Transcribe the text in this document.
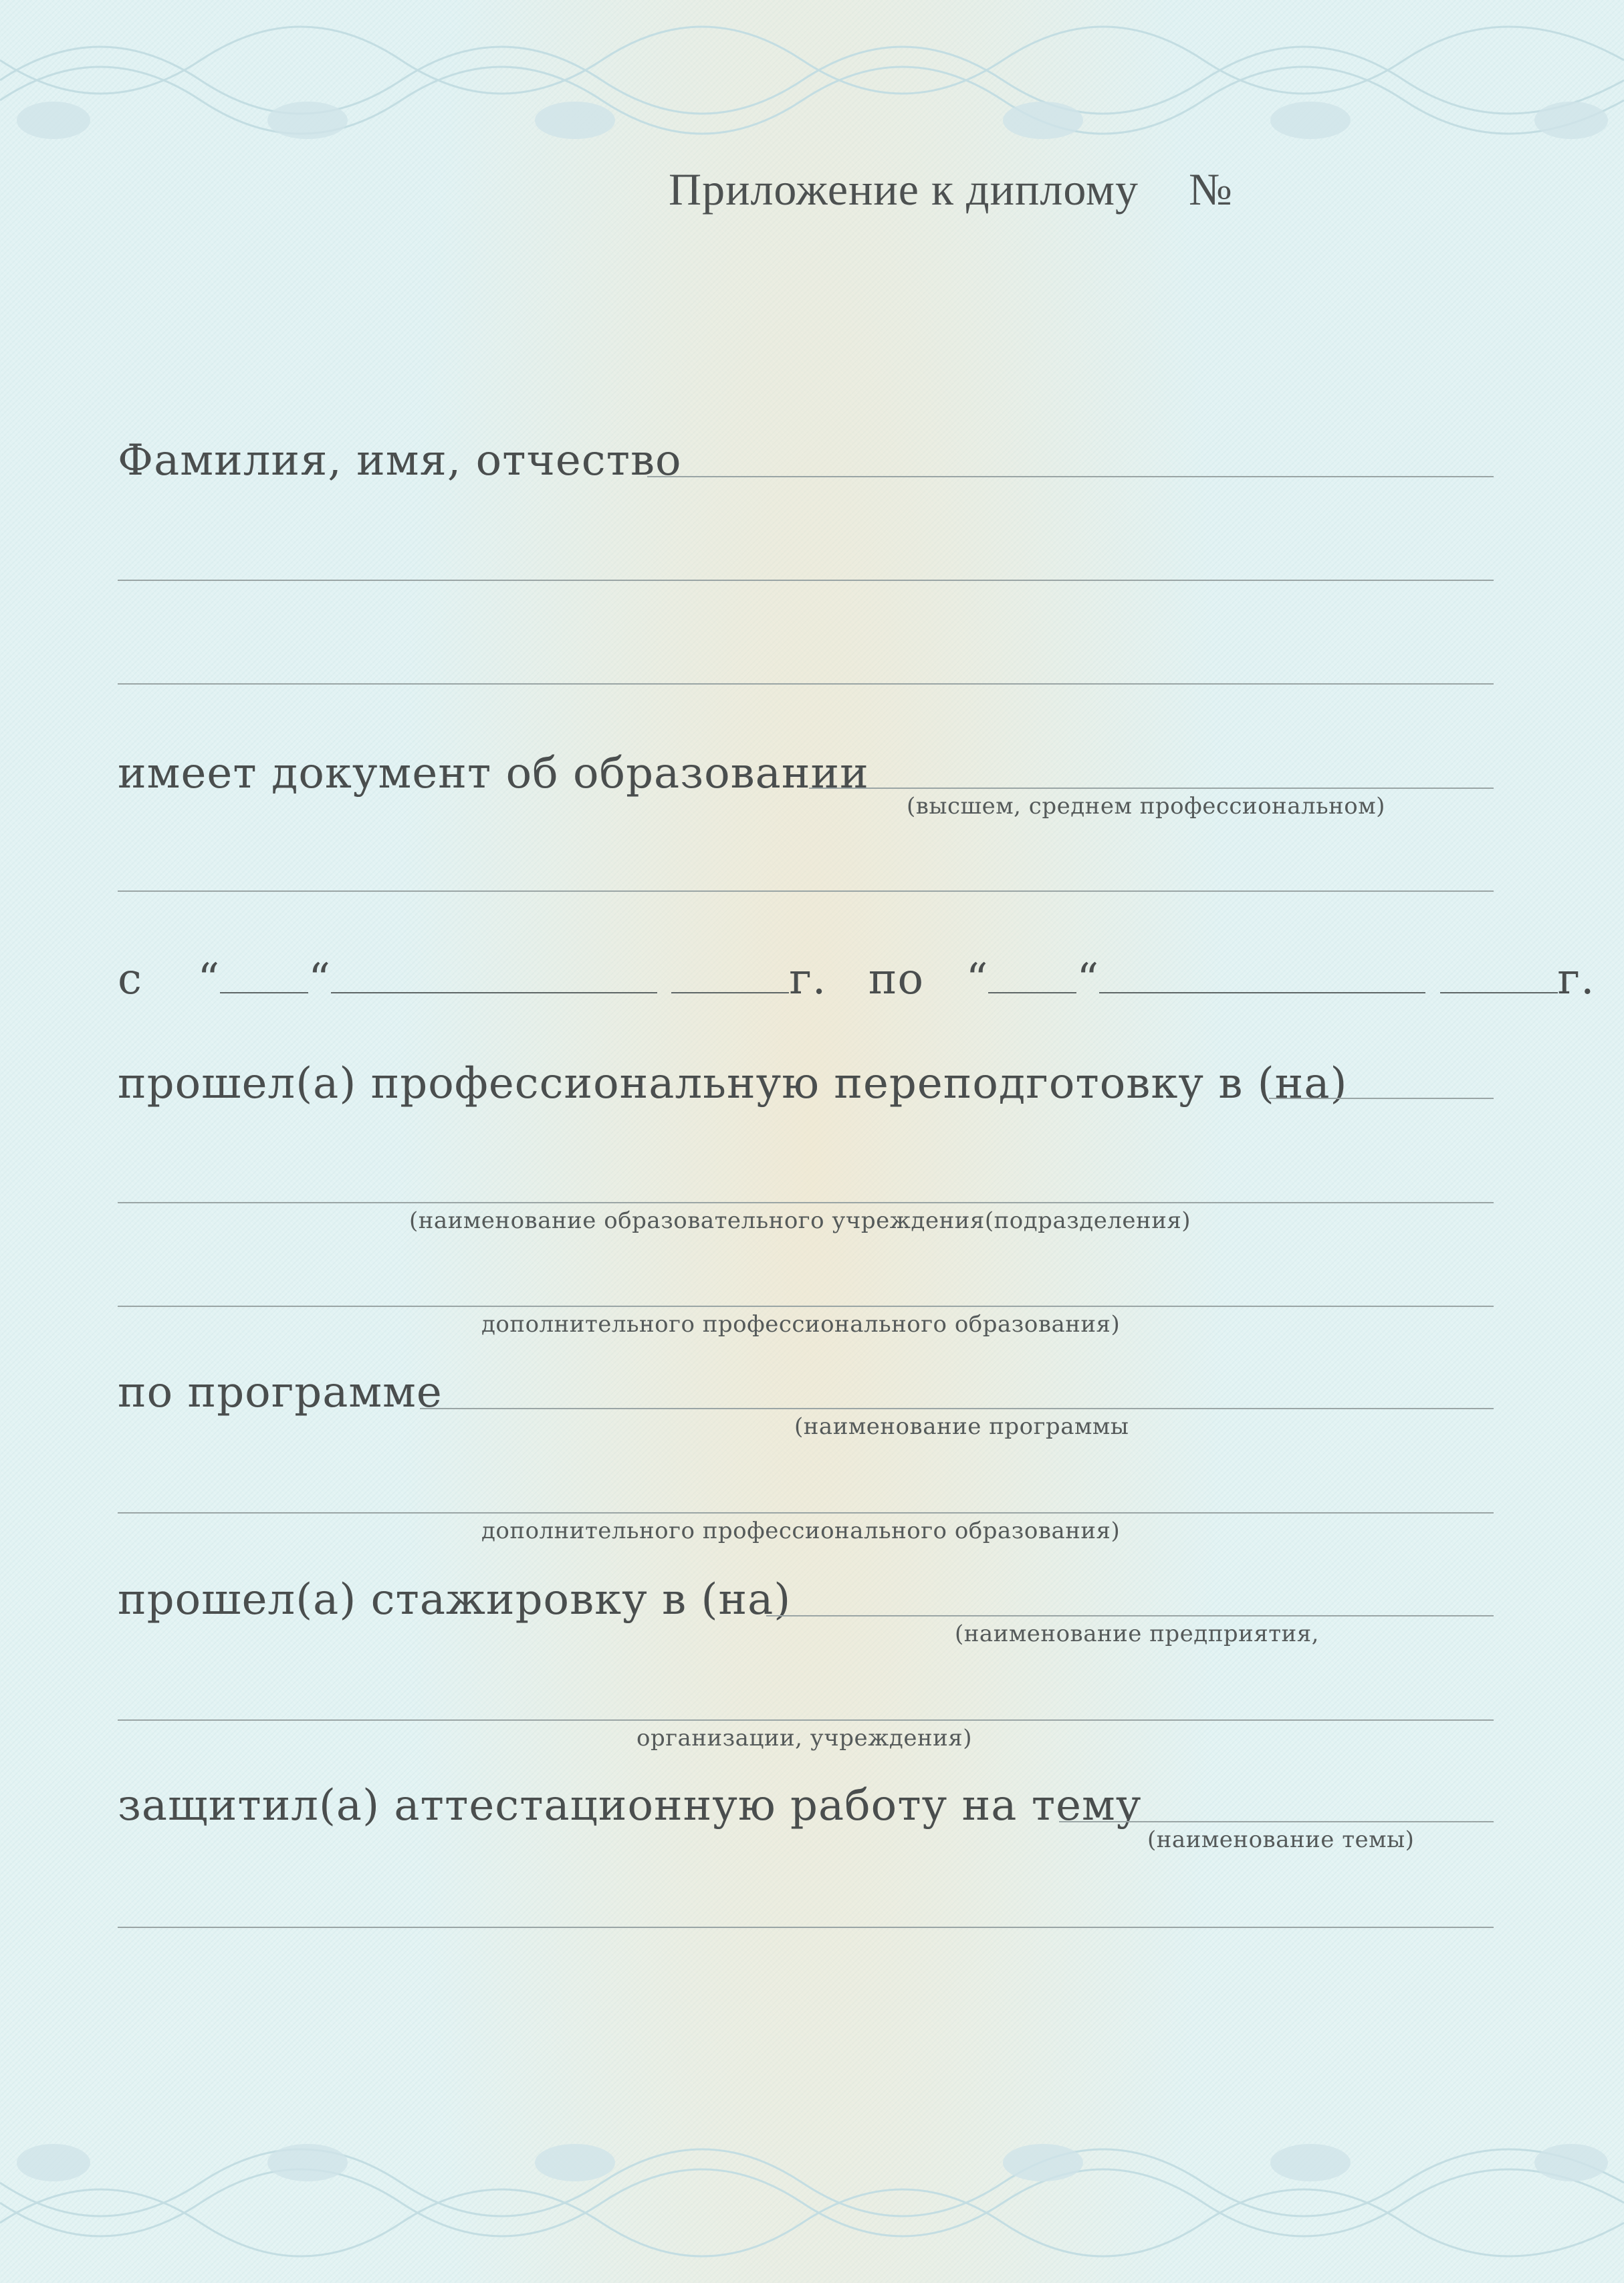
Приложение к диплому №
Фамилия, имя, отчество
имеет документ об образовании
(высшем, среднем профессиональном)
с “ “	г. по “ “	г.
прошел(а) профессиональную переподготовку в (на)
(наименование образовательного учреждения(подразделения)
дополнительного профессионального образования)
по программе
(наименование программы
дополнительного профессионального образования)
прошел(а) стажировку в (на)
(наименование предприятия,
организации, учреждения)
защитил(а) аттестационную работу на тему
(наименование темы)
